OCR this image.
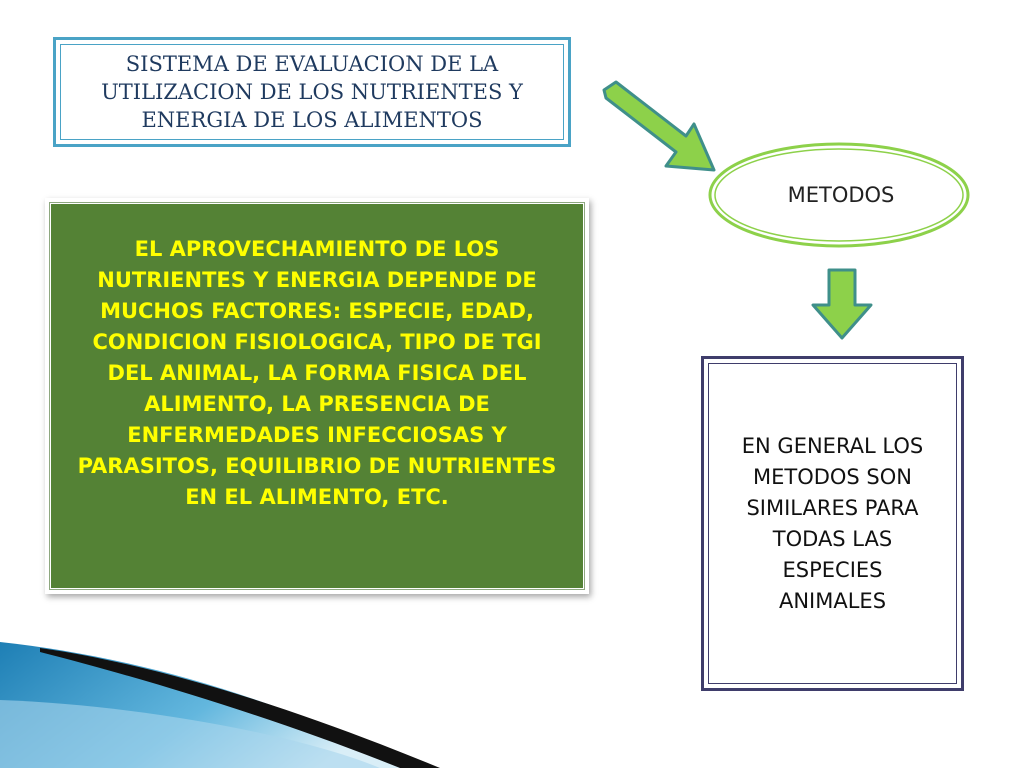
SISTEMA DE EVALUACION DE LA UTILIZACION DE LOS NUTRIENTES Y ENERGIA DE LOS ALIMENTOS
EL APROVECHAMIENTO DE LOS NUTRIENTES Y ENERGIA DEPENDE DE MUCHOS FACTORES: ESPECIE, EDAD, CONDICION FISIOLOGICA, TIPO DE TGI DEL ANIMAL, LA FORMA FISICA DEL ALIMENTO, LA PRESENCIA DE ENFERMEDADES INFECCIOSAS Y PARASITOS, EQUILIBRIO DE NUTRIENTES EN EL ALIMENTO, ETC.
METODOS
EN GENERAL LOS METODOS SON SIMILARES PARA TODAS LAS ESPECIES ANIMALES
